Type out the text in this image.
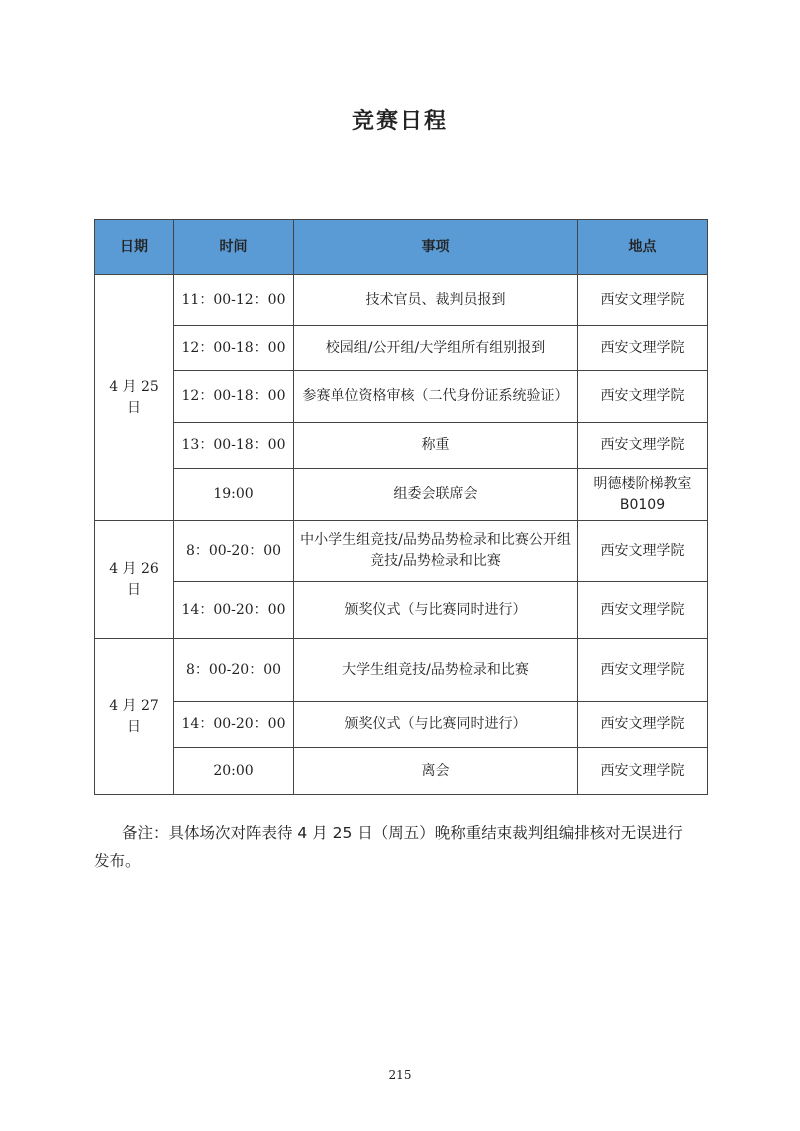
竞赛日程
日期	时间	事项	地点
4 月 25 日	11：00-12：00	技术官员、裁判员报到	西安文理学院
	12：00-18：00	校园组/公开组/大学组所有组别报到	西安文理学院
	12：00-18：00	参赛单位资格审核（二代身份证系统验证）	西安文理学院
	13：00-18：00	称重	西安文理学院
	19:00	组委会联席会	明德楼阶梯教室 B0109
4 月 26 日	8：00-20：00	中小学生组竞技/品势品势检录和比赛公开组竞技/品势检录和比赛	西安文理学院
	14：00-20：00	颁奖仪式（与比赛同时进行）	西安文理学院
4 月 27 日	8：00-20：00	大学生组竞技/品势检录和比赛	西安文理学院
	14：00-20：00	颁奖仪式（与比赛同时进行）	西安文理学院
	20:00	离会	西安文理学院
备注：具体场次对阵表待 4 月 25 日（周五）晚称重结束裁判组编排核对无误进行发布。
215
